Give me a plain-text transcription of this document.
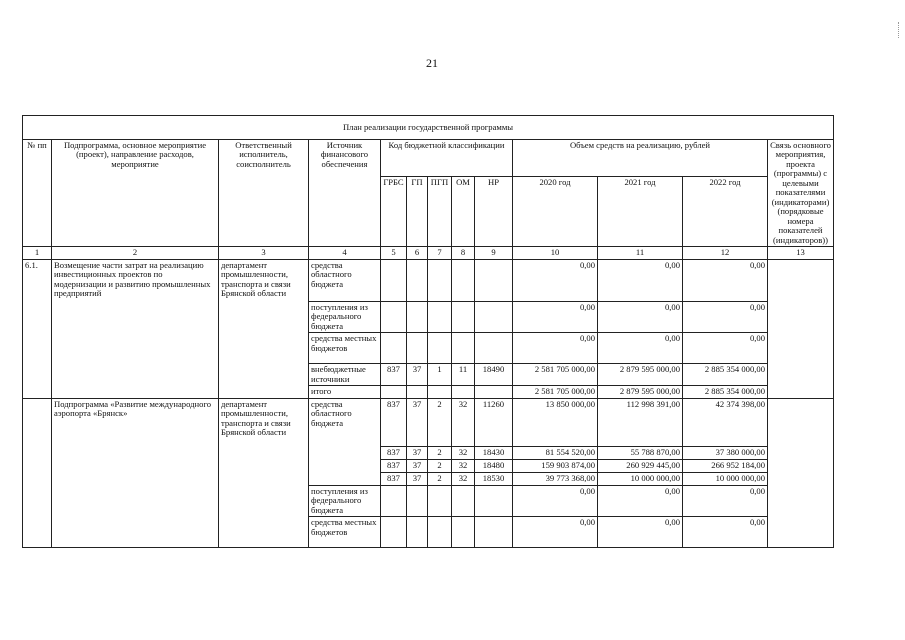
21
План реализации государственной программы												
№ пп	Подпрограмма, основное мероприятие (проект), направление расходов, мероприятие	Ответственный исполнитель, соисполнитель	Источник финансового обеспечения	Код бюджетной классификации					Объем средств на реализацию, рублей			Связь основного мероприятия, проекта (программы) с целевыми показателями (индикаторами) (порядковые номера показателей (индикаторов))
				ГРБС	ГП	ПГП	ОМ	НР	2020 год	2021 год	2022 год	
1	2	3	4	5	6	7	8	9	10	11	12	13
6.1.	Возмещение части затрат на реализацию инвестиционных проектов по модернизации и развитию промышленных предприятий	департамент промышленности, транспорта и связи Брянской области	средства областного бюджета						0,00	0,00	0,00	
			поступления из федерального бюджета						0,00	0,00	0,00	
			средства местных бюджетов						0,00	0,00	0,00	
			внебюджетные источники	837	37	1	11	18490	2 581 705 000,00	2 879 595 000,00	2 885 354 000,00	
			итого						2 581 705 000,00	2 879 595 000,00	2 885 354 000,00	
	Подпрограмма «Развитие международного аэропорта «Брянск»	департамент промышленности, транспорта и связи Брянской области	средства областного бюджета	837	37	2	32	11260	13 850 000,00	112 998 391,00	42 374 398,00	
				837	37	2	32	18430	81 554 520,00	55 788 870,00	37 380 000,00	
				837	37	2	32	18480	159 903 874,00	260 929 445,00	266 952 184,00	
				837	37	2	32	18530	39 773 368,00	10 000 000,00	10 000 000,00	
			поступления из федерального бюджета						0,00	0,00	0,00	
			средства местных бюджетов						0,00	0,00	0,00	
